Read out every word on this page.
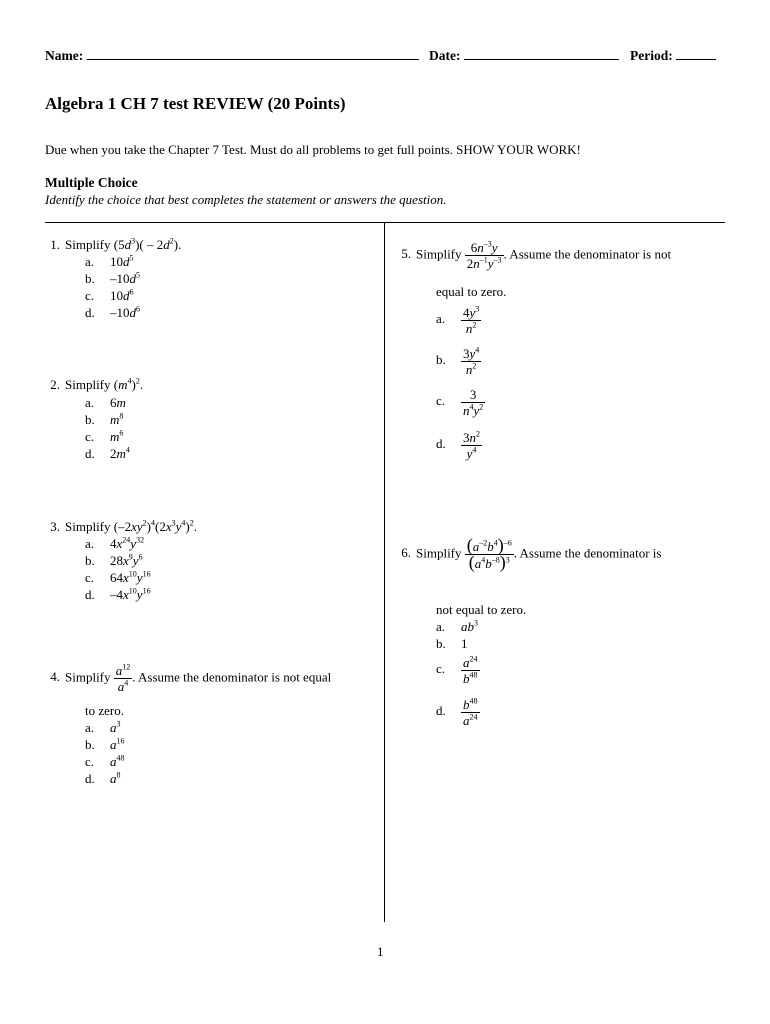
Name:	Date:	Period:
Algebra 1 CH 7 test REVIEW (20 Points)
Due when you take the Chapter 7 Test. Must do all problems to get full points. SHOW YOUR WORK!
Multiple Choice
Identify the choice that best completes the statement or answers the question.
1. Simplify $(5d^3)( - 2d^2)$.
a. $10d^5$
b. $-10d^5$
c. $10d^6$
d. $-10d^6$
2. Simplify $(m^4)^2$.
a. 6m
b. $m^8$
c. $m^6$
d. $2m^4$
3. Simplify $(-2xy^2)^4(2x^3y^4)^2$.
a. $4x^{24}y^{32}$
b. $28x^9y^6$
c. $64x^{10}y^{16}$
d. $-4x^{10}y^{16}$
4. Simplify $\frac{a^{12}}{a^4}$ . Assume the denominator is not equal
to zero.
a. $a^3$
b. $a^{16}$
c. $a^{48}$
d. $a^8$
5. Simplify $\frac{6n^{-3}y}{2n^{-1}y^{-3}}$ . Assume the denominator is not
equal to zero.
a. $\frac{4y^3}{n^2}$
b. $\frac{3y^4}{n^2}$
c. $\frac{3}{n^4y^2}$
d. $\frac{3n^2}{y^4}$
6. Simplify $\frac{(a^{-2}b^4)^{-6}}{(a^4b^{-8})^3}$ . Assume the denominator is
not equal to zero.
a. $ab^3$
b. 1
c. $\frac{a^{24}}{b^{48}}$
d. $\frac{b^{48}}{a^{24}}$
1
